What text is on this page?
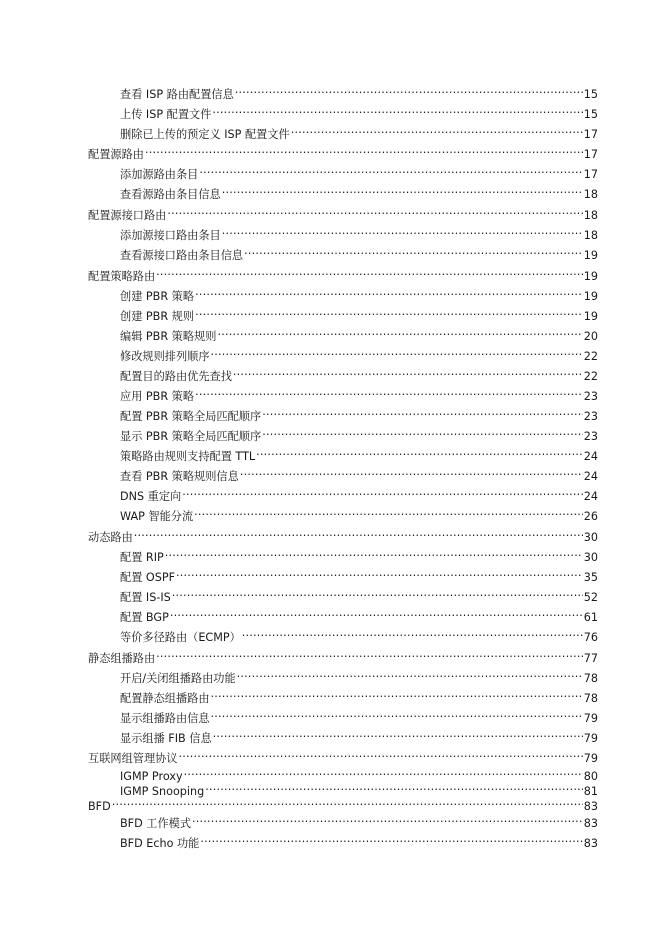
查看 ISP 路由配置信息 .....	15
上传 ISP 配置文件 .....	15
删除已上传的预定义 ISP 配置文件 .....	17
配置源路由 .....	17
添加源路由条目 .....	17
查看源路由条目信息 .....	18
配置源接口路由 .....	18
添加源接口路由条目 .....	18
查看源接口路由条目信息 .....	19
配置策略路由 .....	19
创建 PBR 策略 .....	19
创建 PBR 规则 .....	19
编辑 PBR 策略规则 .....	20
修改规则排列顺序 .....	22
配置目的路由优先查找 .....	22
应用 PBR 策略 .....	23
配置 PBR 策略全局匹配顺序 .....	23
显示 PBR 策略全局匹配顺序 .....	23
策略路由规则支持配置 TTL .....	24
查看 PBR 策略规则信息 .....	24
DNS 重定向 .....	24
WAP 智能分流 .....	26
动态路由 .....	30
配置 RIP .....	30
配置 OSPF .....	35
配置 IS-IS .....	52
配置 BGP .....	61
等价多径路由（ECMP） .....	76
静态组播路由 .....	77
开启/关闭组播路由功能 .....	78
配置静态组播路由 .....	78
显示组播路由信息 .....	79
显示组播 FIB 信息 .....	79
互联网组管理协议 .....	79
IGMP Proxy .....	80
IGMP Snooping .....	81
BFD .....	83
BFD 工作模式 .....	83
BFD Echo 功能 .....	83
